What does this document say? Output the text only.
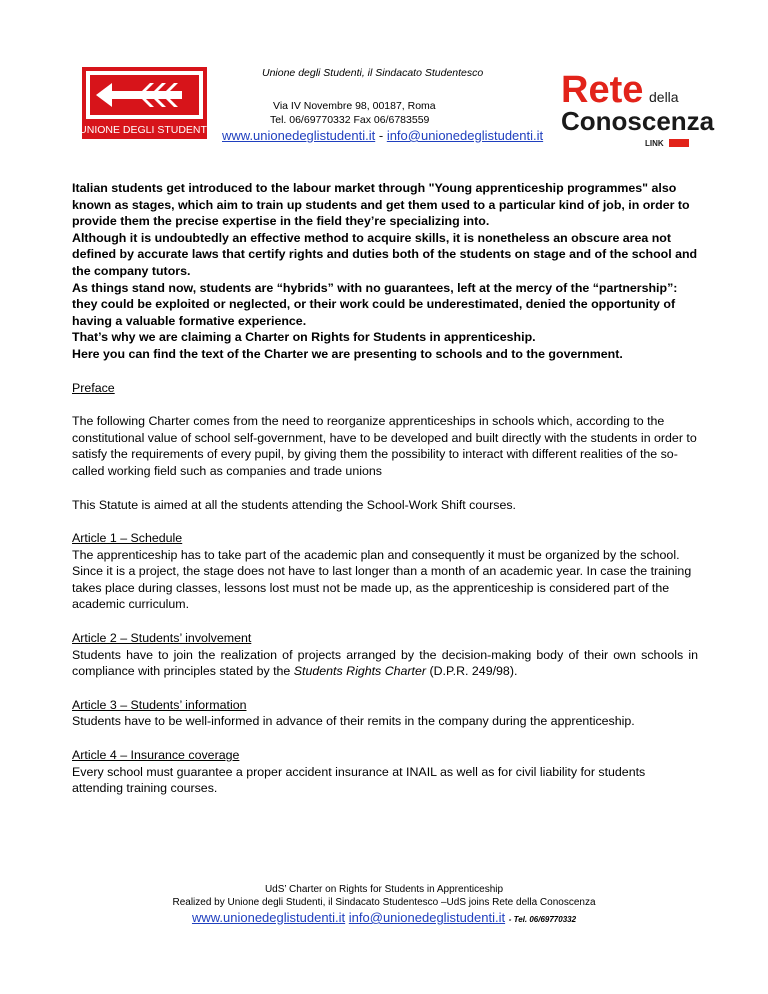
UNIONE DEGLI STUDENTI
Unione degli Studenti, il Sindacato Studentesco
Via IV Novembre 98, 00187, Roma
Tel. 06/69770332 Fax 06/6783559
www.unionedeglistudenti.it - info@unionedeglistudenti.it
Rete della
Conoscenza
LINK

Italian students get introduced to the labour market through "Young apprenticeship programmes" also known as stages, which aim to train up students and get them used to a particular kind of job, in order to provide them the precise expertise in the field they’re specializing into.

Although it is undoubtedly an effective method to acquire skills, it is nonetheless an obscure area not defined by accurate laws that certify rights and duties both of the students on stage and of the school and the company tutors.

As things stand now, students are “hybrids” with no guarantees, left at the mercy of the “partnership”: they could be exploited or neglected, or their work could be underestimated, denied the opportunity of having a valuable formative experience.

That’s why we are claiming a Charter on Rights for Students in apprenticeship.

Here you can find the text of the Charter we are presenting to schools and to the government.

Preface

The following Charter comes from the need to reorganize apprenticeships in schools which, according to the constitutional value of school self-government, have to be developed and built directly with the students in order to satisfy the requirements of every pupil, by giving them the possibility to interact with different realities of the so-called working field such as companies and trade unions

This Statute is aimed at all the students attending the School-Work Shift courses.

Article 1 – Schedule

The apprenticeship has to take part of the academic plan and consequently it must be organized by the school. Since it is a project, the stage does not have to last longer than a month of an academic year. In case the training takes place during classes, lessons lost must not be made up, as the apprenticeship is considered part of the academic curriculum.

Article 2 – Students’ involvement

Students have to join the realization of projects arranged by the decision-making body of their own schools in compliance with principles stated by the Students Rights Charter (D.P.R. 249/98).

Article 3 – Students’ information

Students have to be well-informed in advance of their remits in the company during the apprenticeship.

Article 4 – Insurance coverage

Every school must guarantee a proper accident insurance at INAIL as well as for civil liability for students attending training courses.

UdS’ Charter on Rights for Students in Apprenticeship
Realized by Unione degli Studenti, il Sindacato Studentesco –UdS joins Rete della Conoscenza
www.unionedeglistudenti.it info@unionedeglistudenti.it - Tel. 06/69770332
